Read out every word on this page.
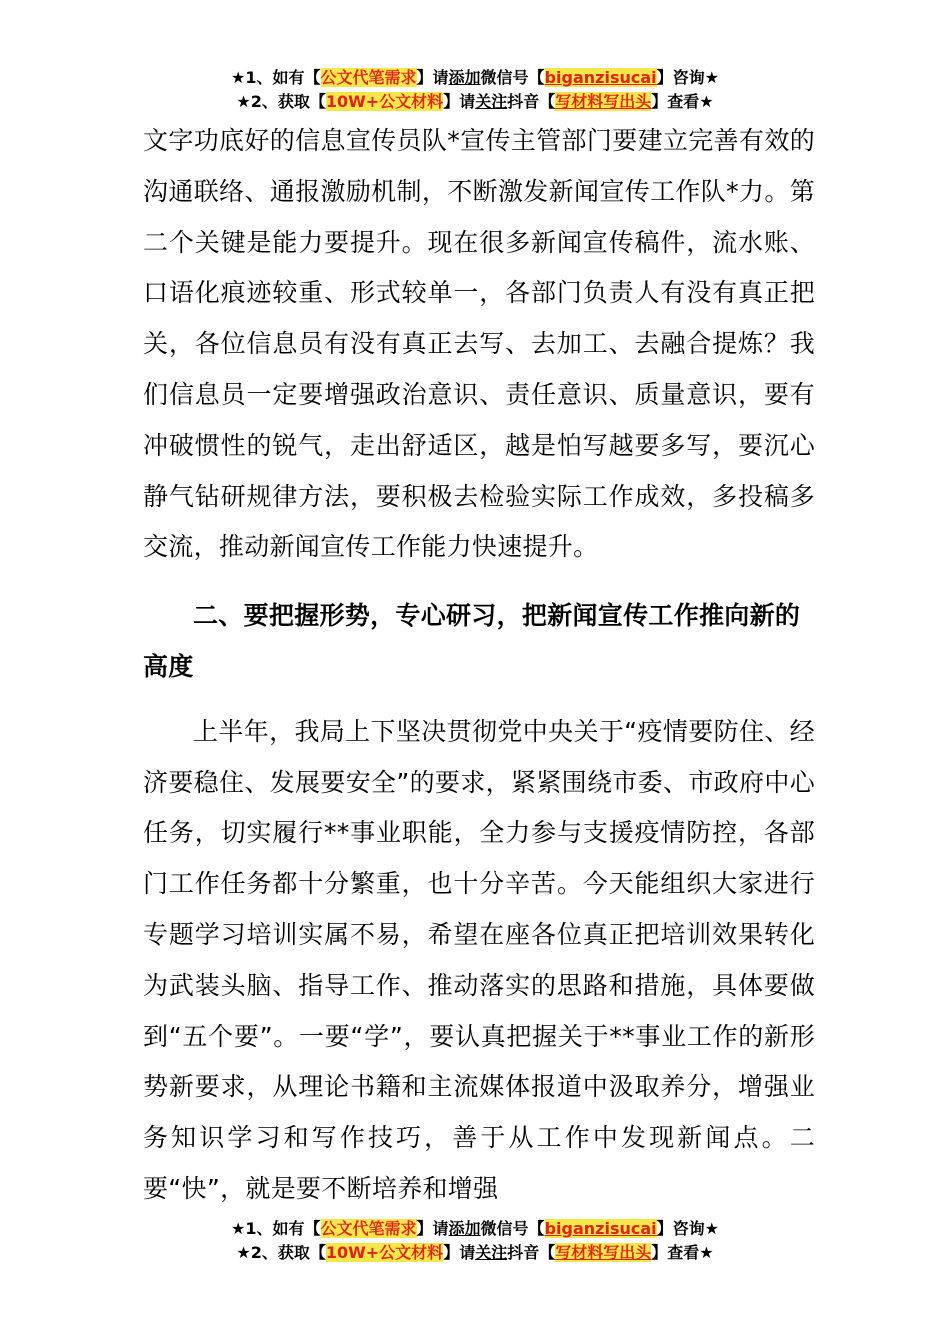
★1、如有【公文代笔需求】请添加微信号【biganzisucai】咨询★
★2、获取【10W+公文材料】请关注抖音【写材料写出头】查看★

文字功底好的信息宣传员队*宣传主管部门要建立完善有效的沟通联络、通报激励机制，不断激发新闻宣传工作队*力。第二个关键是能力要提升。现在很多新闻宣传稿件，流水账、口语化痕迹较重、形式较单一，各部门负责人有没有真正把关，各位信息员有没有真正去写、去加工、去融合提炼？我们信息员一定要增强政治意识、责任意识、质量意识，要有冲破惯性的锐气，走出舒适区，越是怕写越要多写，要沉心静气钻研规律方法，要积极去检验实际工作成效，多投稿多交流，推动新闻宣传工作能力快速提升。

二、要把握形势，专心研习，把新闻宣传工作推向新的高度

上半年，我局上下坚决贯彻党中央关于“疫情要防住、经济要稳住、发展要安全”的要求，紧紧围绕市委、市政府中心任务，切实履行**事业职能，全力参与支援疫情防控，各部门工作任务都十分繁重，也十分辛苦。今天能组织大家进行专题学习培训实属不易，希望在座各位真正把培训效果转化为武装头脑、指导工作、推动落实的思路和措施，具体要做到“五个要”。一要“学”，要认真把握关于**事业工作的新形势新要求，从理论书籍和主流媒体报道中汲取养分，增强业务知识学习和写作技巧，善于从工作中发现新闻点。二要“快”，就是要不断培养和增强

★1、如有【公文代笔需求】请添加微信号【biganzisucai】咨询★
★2、获取【10W+公文材料】请关注抖音【写材料写出头】查看★
